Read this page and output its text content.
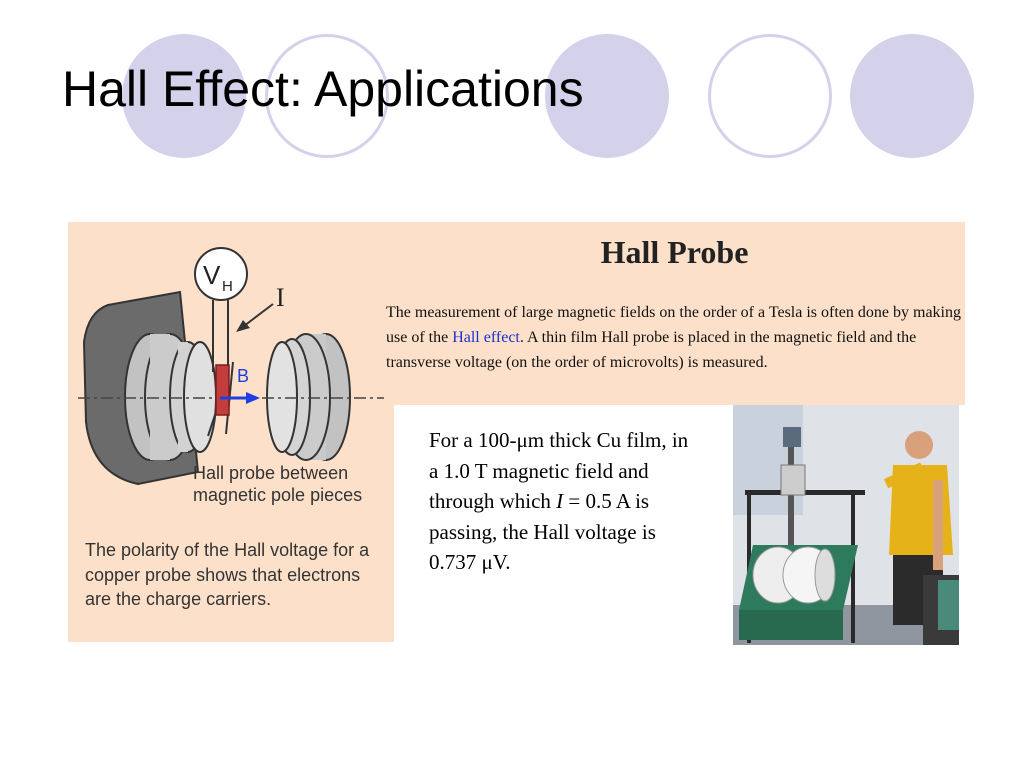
Hall Effect: Applications
V H I
B
Hall probe between magnetic pole pieces
The polarity of the Hall voltage for a copper probe shows that electrons are the charge carriers.
Hall Probe
The measurement of large magnetic fields on the order of a Tesla is often done by making use of the Hall effect. A thin film Hall probe is placed in the magnetic field and the transverse voltage (on the order of microvolts) is measured.
For a 100-μm thick Cu film, in a 1.0 T magnetic field and through which I = 0.5 A is passing, the Hall voltage is 0.737 μV.
